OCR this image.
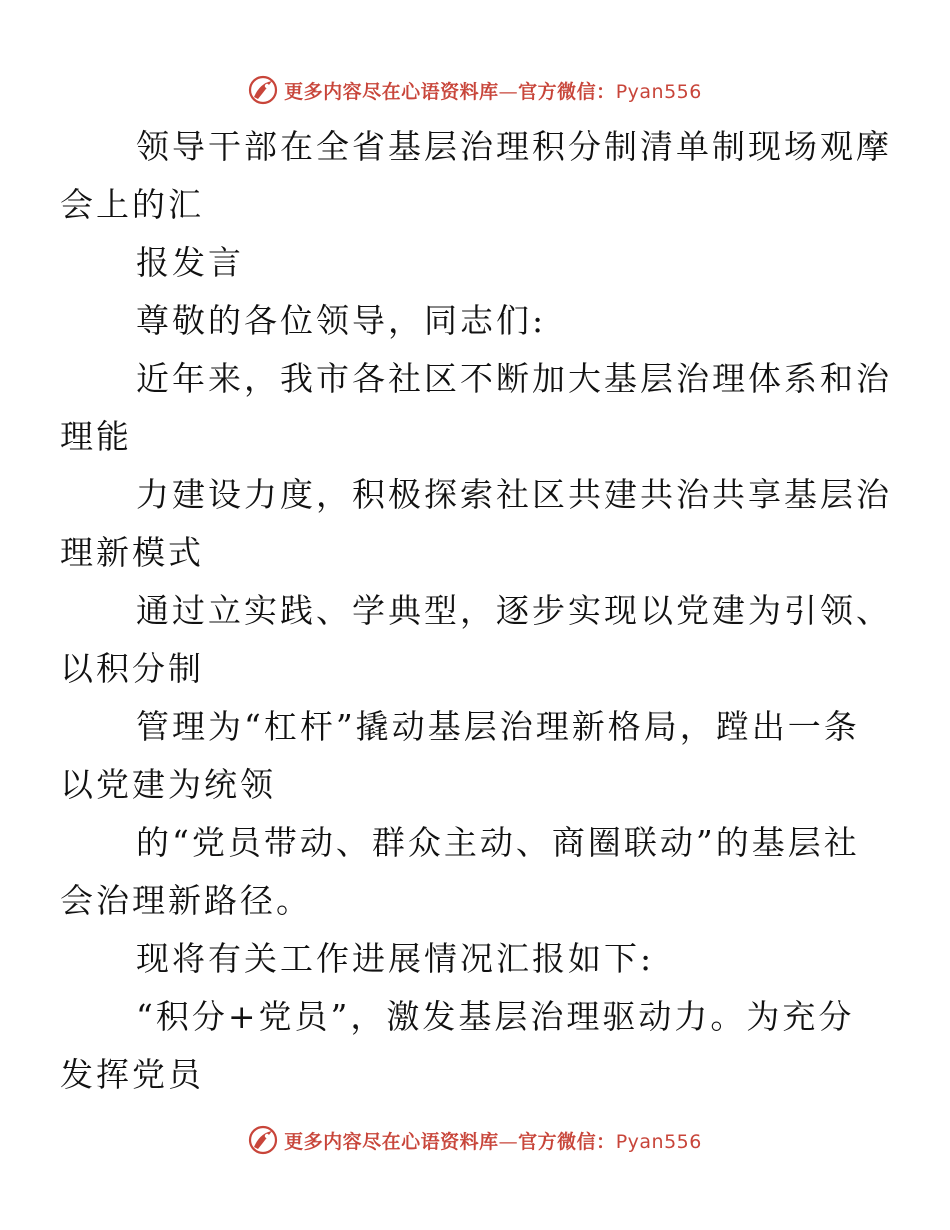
更多内容尽在心语资料库—官方微信：Pyan556

领导干部在全省基层治理积分制清单制现场观摩
会上的汇

报发言

尊敬的各位领导，同志们:

近年来，我市各社区不断加大基层治理体系和治
理能

力建设力度，积极探索社区共建共治共享基层治
理新模式

通过立实践、学典型，逐步实现以党建为引领、
以积分制

管理为“杠杆”撬动基层治理新格局，蹚出一条
以党建为统领

的“党员带动、群众主动、商圈联动”的基层社
会治理新路径。

现将有关工作进展情况汇报如下:

“积分+党员”，激发基层治理驱动力。为充分
发挥党员

更多内容尽在心语资料库—官方微信：Pyan556
